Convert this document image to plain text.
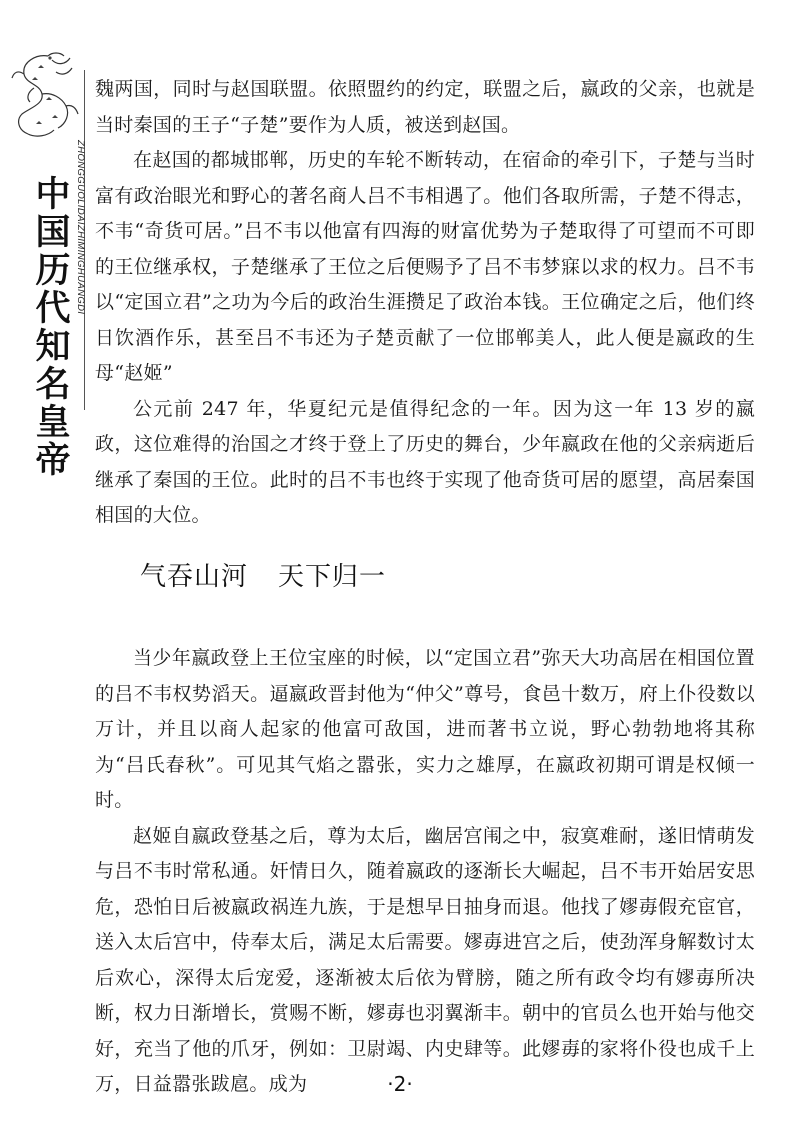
中国历代知名皇帝 ZHONGGUOLIDAIZHIMINGHUANGDI

魏两国，同时与赵国联盟。依照盟约的约定，联盟之后，嬴政的父亲，也就是当时秦国的王子“子楚”要作为人质，被送到赵国。

在赵国的都城邯郸，历史的车轮不断转动，在宿命的牵引下，子楚与当时富有政治眼光和野心的著名商人吕不韦相遇了。他们各取所需，子楚不得志，不韦“奇货可居。”吕不韦以他富有四海的财富优势为子楚取得了可望而不可即的王位继承权，子楚继承了王位之后便赐予了吕不韦梦寐以求的权力。吕不韦以“定国立君”之功为今后的政治生涯攒足了政治本钱。王位确定之后，他们终日饮酒作乐，甚至吕不韦还为子楚贡献了一位邯郸美人，此人便是嬴政的生母“赵姬”

公元前 247 年，华夏纪元是值得纪念的一年。因为这一年 13 岁的嬴政，这位难得的治国之才终于登上了历史的舞台，少年嬴政在他的父亲病逝后继承了秦国的王位。此时的吕不韦也终于实现了他奇货可居的愿望，高居秦国相国的大位。

气吞山河 天下归一

当少年嬴政登上王位宝座的时候，以“定国立君”弥天大功高居在相国位置的吕不韦权势滔天。逼嬴政晋封他为“仲父”尊号，食邑十数万，府上仆役数以万计，并且以商人起家的他富可敌国，进而著书立说，野心勃勃地将其称为“吕氏春秋”。可见其气焰之嚣张，实力之雄厚，在嬴政初期可谓是权倾一时。

赵姬自嬴政登基之后，尊为太后，幽居宫闱之中，寂寞难耐，遂旧情萌发与吕不韦时常私通。奸情日久，随着嬴政的逐渐长大崛起，吕不韦开始居安思危，恐怕日后被嬴政祸连九族，于是想早日抽身而退。他找了嫪毐假充宦官，送入太后宫中，侍奉太后，满足太后需要。嫪毐进宫之后，使劲浑身解数讨太后欢心，深得太后宠爱，逐渐被太后依为臂膀，随之所有政令均有嫪毐所决断，权力日渐增长，赏赐不断，嫪毐也羽翼渐丰。朝中的官员么也开始与他交好，充当了他的爪牙，例如：卫尉竭、内史肆等。此嫪毐的家将仆役也成千上万，日益嚣张跋扈。成为	·2·
